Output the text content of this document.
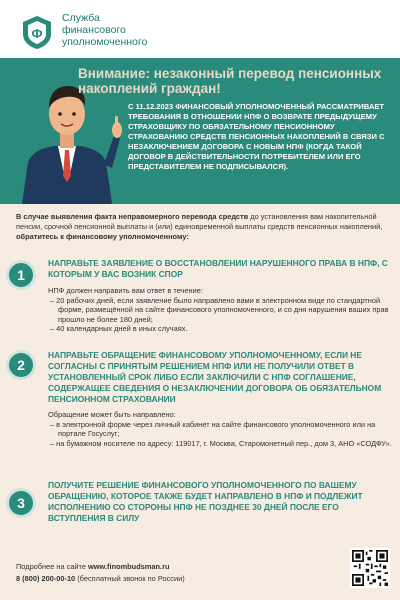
Ф
Служба
финансового
уполномоченного
Внимание: незаконный перевод пенсионных накоплений граждан!
С 11.12.2023 ФИНАНСОВЫЙ УПОЛНОМОЧЕННЫЙ РАССМАТРИВАЕТ ТРЕБОВАНИЯ В ОТНОШЕНИИ НПФ О ВОЗВРАТЕ ПРЕДЫДУЩЕМУ СТРАХОВЩИКУ ПО ОБЯЗАТЕЛЬНОМУ ПЕНСИОННОМУ СТРАХОВАНИЮ СРЕДСТВ ПЕНСИОННЫХ НАКОПЛЕНИЙ В СВЯЗИ С НЕЗАКЛЮЧЕНИЕМ ДОГОВОРА С НОВЫМ НПФ (КОГДА ТАКОЙ ДОГОВОР В ДЕЙСТВИТЕЛЬНОСТИ ПОТРЕБИТЕЛЕМ ИЛИ ЕГО ПРЕДСТАВИТЕЛЕМ НЕ ПОДПИСЫВАЛСЯ).
В случае выявления факта неправомерного перевода средств до установления вам накопительной пенсии, срочной пенсионной выплаты и (или) единовременной выплаты средств пенсионных накоплений, обратитесь к финансовому уполномоченному:
1
НАПРАВЬТЕ ЗАЯВЛЕНИЕ О ВОССТАНОВЛЕНИИ НАРУШЕННОГО ПРАВА В НПФ, С КОТОРЫМ У ВАС ВОЗНИК СПОР
НПФ должен направить вам ответ в течение:
– 20 рабочих дней, если заявление было направлено вами в электронном виде по стандартной форме, размещённой на сайте финансового уполномоченного, и со дня нарушения ваших прав прошло не более 180 дней;
– 40 календарных дней в иных случаях.
2
НАПРАВЬТЕ ОБРАЩЕНИЕ ФИНАНСОВОМУ УПОЛНОМОЧЕННОМУ, ЕСЛИ НЕ СОГЛАСНЫ С ПРИНЯТЫМ РЕШЕНИЕМ НПФ ИЛИ НЕ ПОЛУЧИЛИ ОТВЕТ В УСТАНОВЛЕННЫЙ СРОК ЛИБО ЕСЛИ ЗАКЛЮЧИЛИ С НПФ СОГЛАШЕНИЕ, СОДЕРЖАЩЕЕ СВЕДЕНИЯ О НЕЗАКЛЮЧЕНИИ ДОГОВОРА ОБ ОБЯЗАТЕЛЬНОМ ПЕНСИОННОМ СТРАХОВАНИИ
Обращение может быть направлено:
– в электронной форме через личный кабинет на сайте финансового уполномоченного или на портале Госуслуг;
– на бумажном носителе по адресу: 119017, г. Москва, Старомонетный пер., дом 3, АНО «СОДФУ».
3
ПОЛУЧИТЕ РЕШЕНИЕ ФИНАНСОВОГО УПОЛНОМОЧЕННОГО ПО ВАШЕМУ ОБРАЩЕНИЮ, КОТОРОЕ ТАКЖЕ БУДЕТ НАПРАВЛЕНО В НПФ И ПОДЛЕЖИТ ИСПОЛНЕНИЮ СО СТОРОНЫ НПФ НЕ ПОЗДНЕЕ 30 ДНЕЙ ПОСЛЕ ЕГО ВСТУПЛЕНИЯ В СИЛУ
Подробнее на сайте www.finombudsman.ru
8 (800) 200-00-10 (бесплатный звонок по России)
